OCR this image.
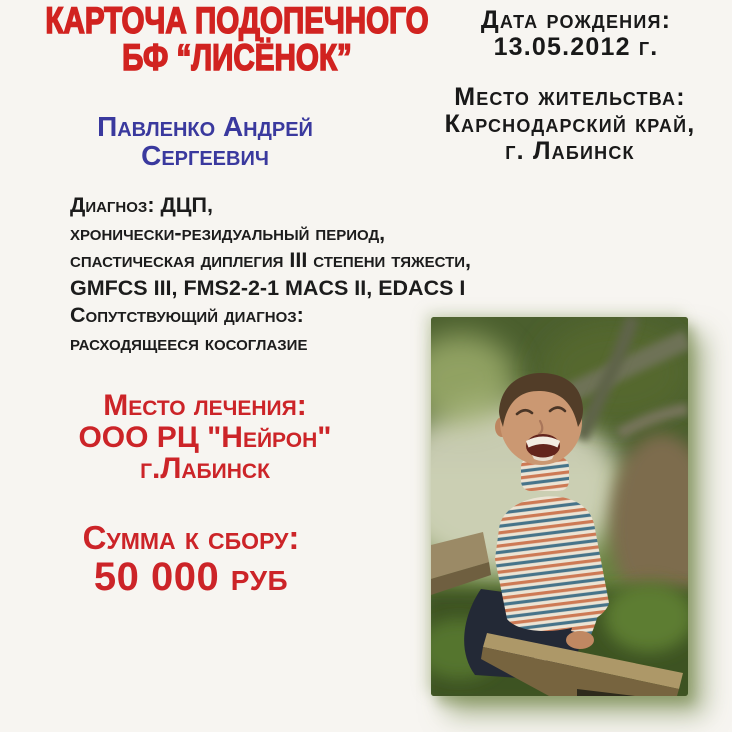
КАРТОЧА ПОДОПЕЧНОГО
БФ “ЛИСЁНОК”
Дата рождения:
13.05.2012 г.
Место жительства:
Карснодарский край,
г. Лабинск
Павленко Андрей Сергеевич
Диагноз: ДЦП,
хронически-резидуальный период,
спастическая диплегия III степени тяжести,
GMFCS III, FMS2-2-1 MACS II, EDACS I
Сопутствующий диагноз:
расходящееся косоглазие
Место лечения:
ООО РЦ "Нейрон"
г.Лабинск
Сумма к сбору:
50 000 руб
